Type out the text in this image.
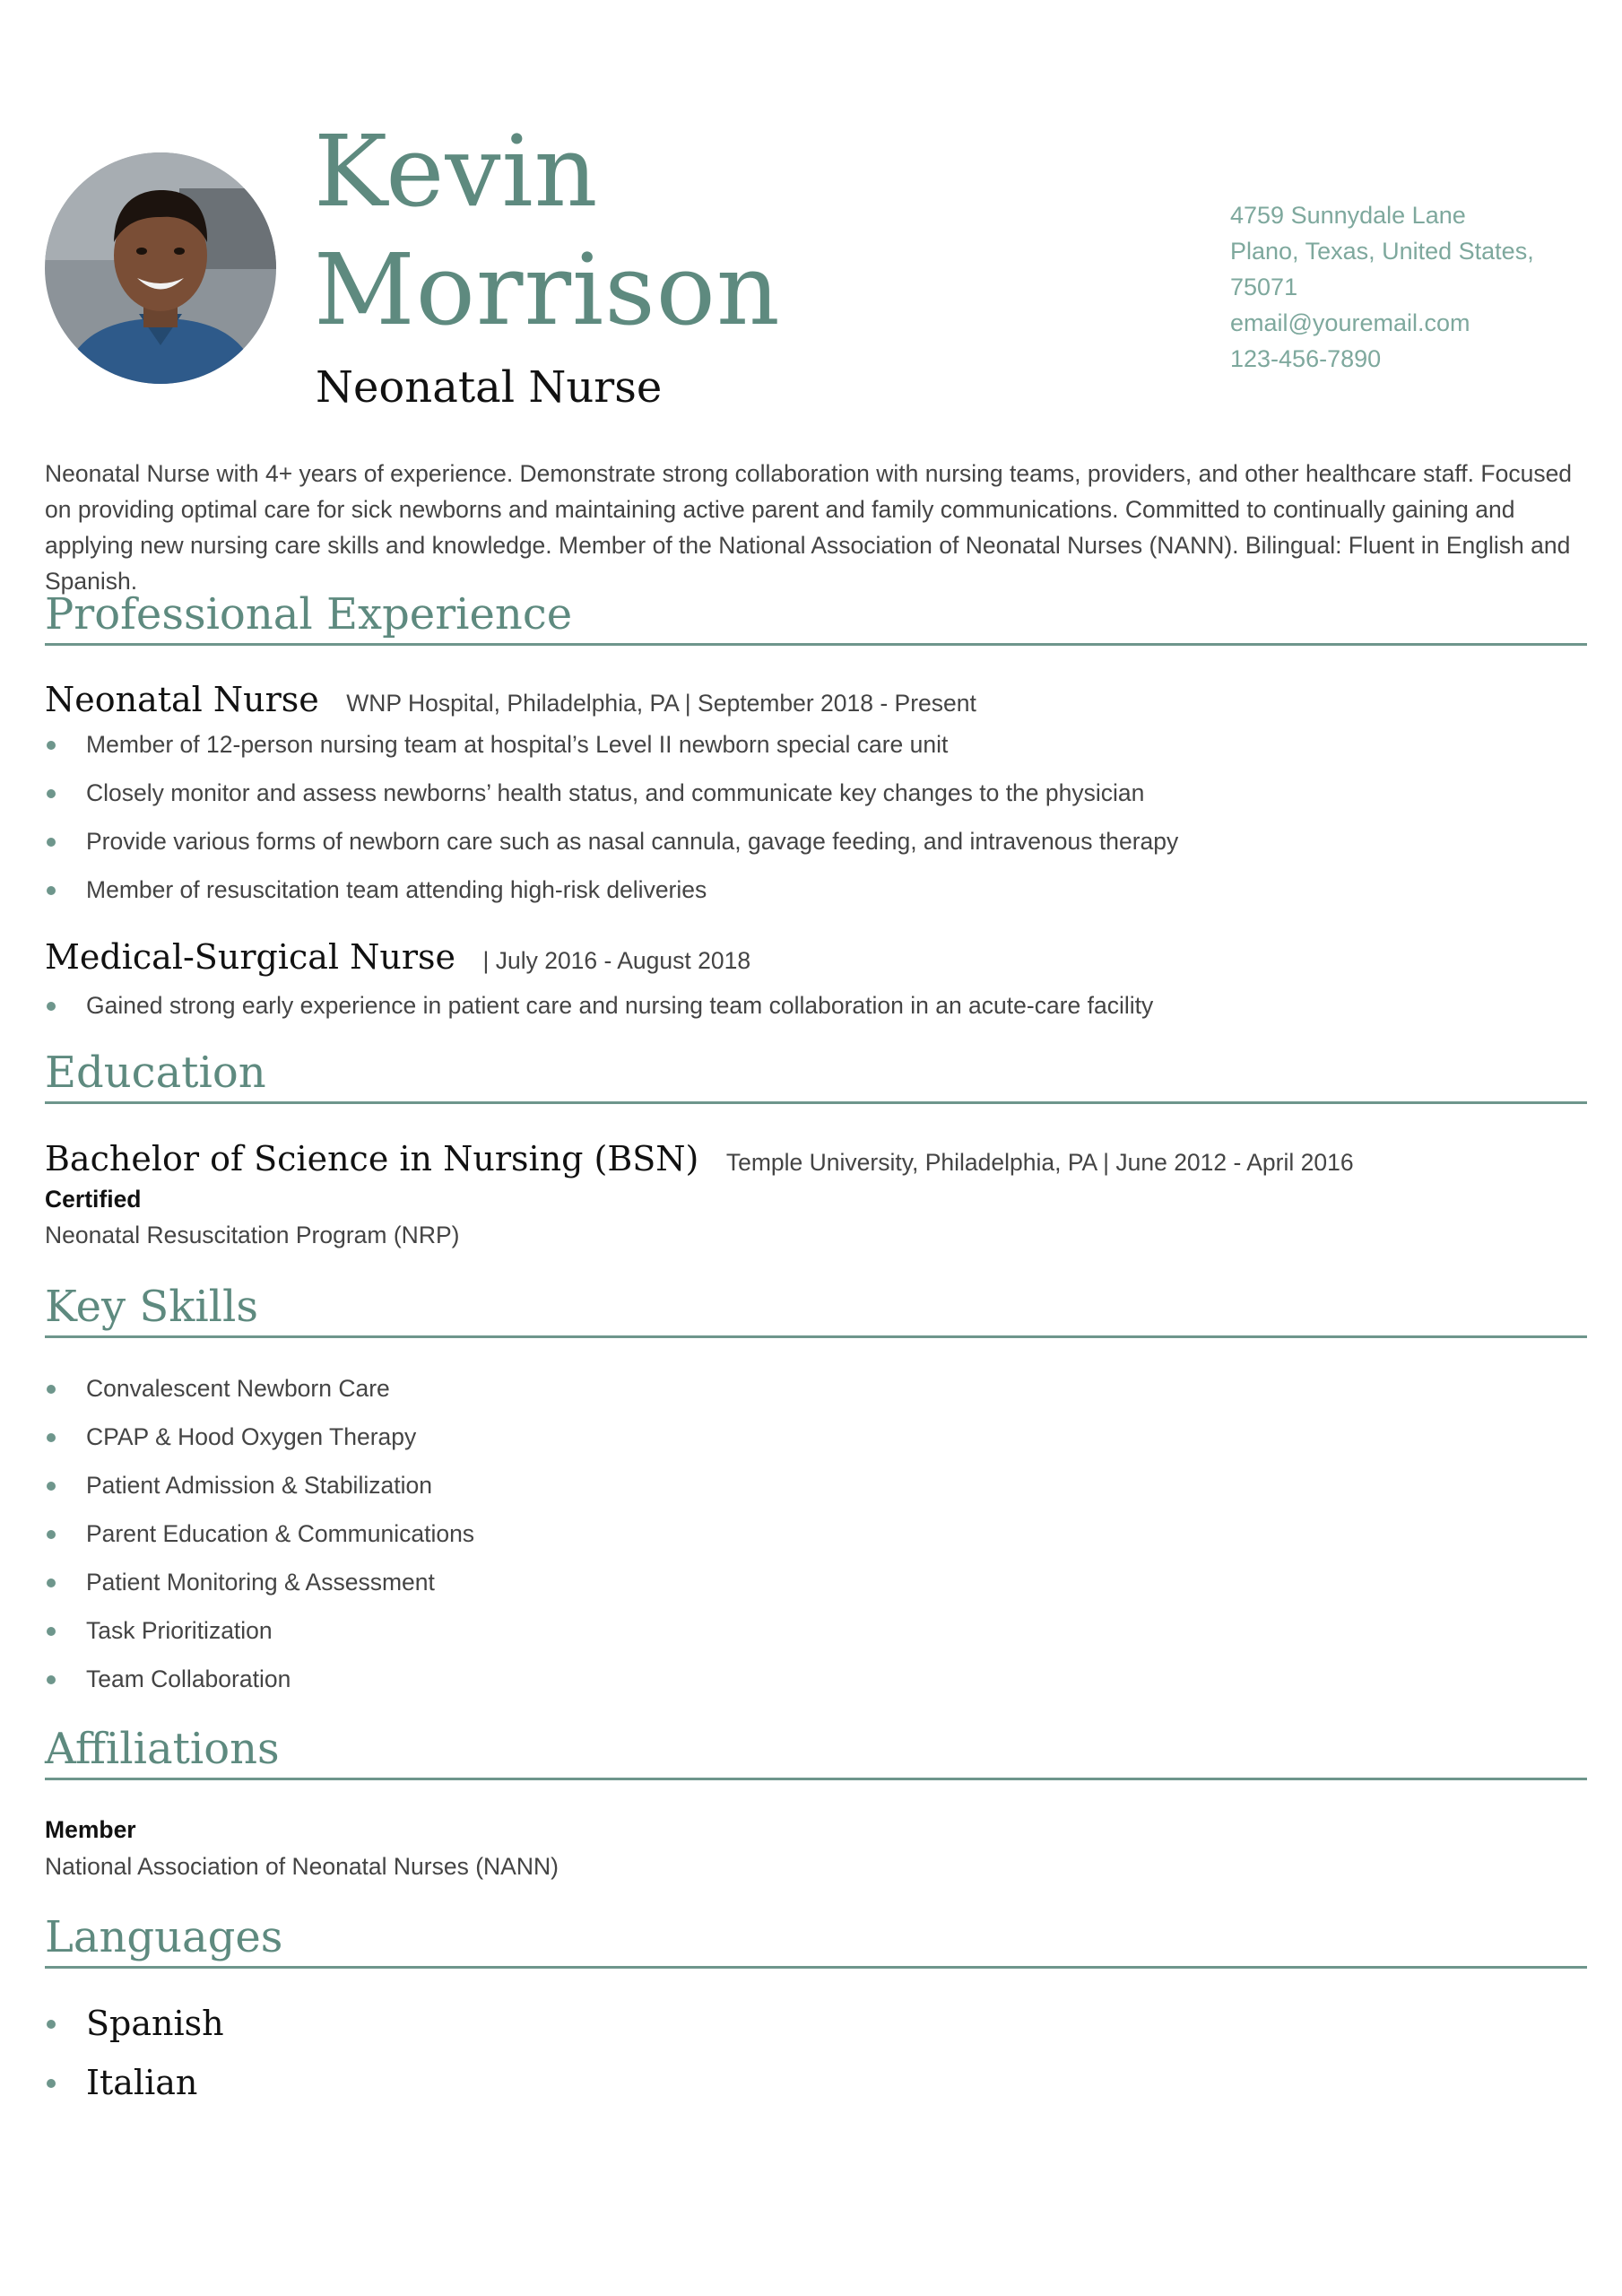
Kevin
Morrison
Neonatal Nurse
4759 Sunnydale Lane
Plano, Texas, United States, 75071
email@youremail.com
123-456-7890
Neonatal Nurse with 4+ years of experience. Demonstrate strong collaboration with nursing teams, providers, and other healthcare staff. Focused on providing optimal care for sick newborns and maintaining active parent and family communications. Committed to continually gaining and applying new nursing care skills and knowledge. Member of the National Association of Neonatal Nurses (NANN). Bilingual: Fluent in English and Spanish.
Professional Experience
Neonatal Nurse WNP Hospital, Philadelphia, PA | September 2018 - Present
Member of 12-person nursing team at hospital’s Level II newborn special care unit
Closely monitor and assess newborns’ health status, and communicate key changes to the physician
Provide various forms of newborn care such as nasal cannula, gavage feeding, and intravenous therapy
Member of resuscitation team attending high-risk deliveries
Medical-Surgical Nurse | July 2016 - August 2018
Gained strong early experience in patient care and nursing team collaboration in an acute-care facility
Education
Bachelor of Science in Nursing (BSN) Temple University, Philadelphia, PA | June 2012 - April 2016
Certified
Neonatal Resuscitation Program (NRP)
Key Skills
Convalescent Newborn Care
CPAP & Hood Oxygen Therapy
Patient Admission & Stabilization
Parent Education & Communications
Patient Monitoring & Assessment
Task Prioritization
Team Collaboration
Affiliations
Member
National Association of Neonatal Nurses (NANN)
Languages
Spanish
Italian
